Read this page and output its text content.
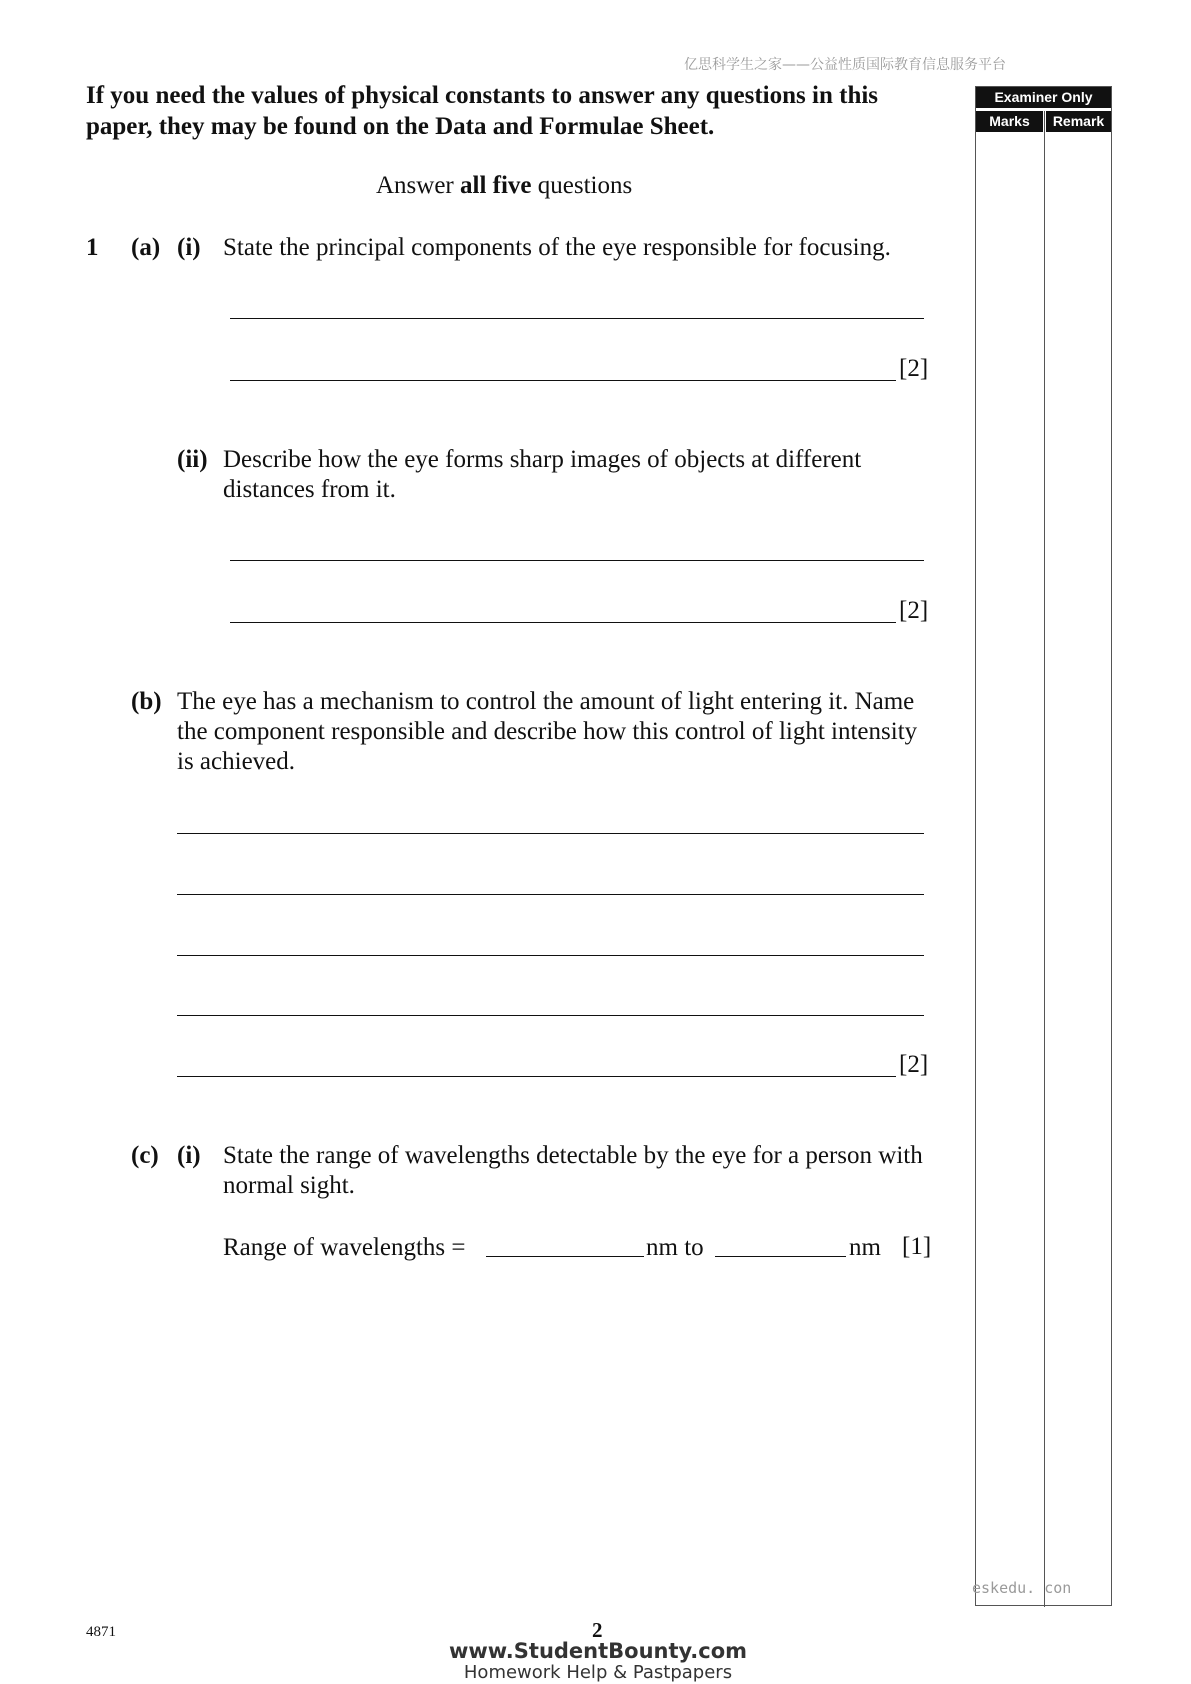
亿思科学生之家——公益性质国际教育信息服务平台
If you need the values of physical constants to answer any questions in this paper, they may be found on the Data and Formulae Sheet.
Answer all five questions
1 (a) (i) State the principal components of the eye responsible for focusing.
[2]
(ii) Describe how the eye forms sharp images of objects at different distances from it.
[2]
(b) The eye has a mechanism to control the amount of light entering it. Name the component responsible and describe how this control of light intensity is achieved.
[2]
(c) (i) State the range of wavelengths detectable by the eye for a person with normal sight.
Range of wavelengths =	nm to	nm [1]
Examiner Only
Marks	Remark
eskedu. con
4871	2
www.StudentBounty.com
Homework Help & Pastpapers
